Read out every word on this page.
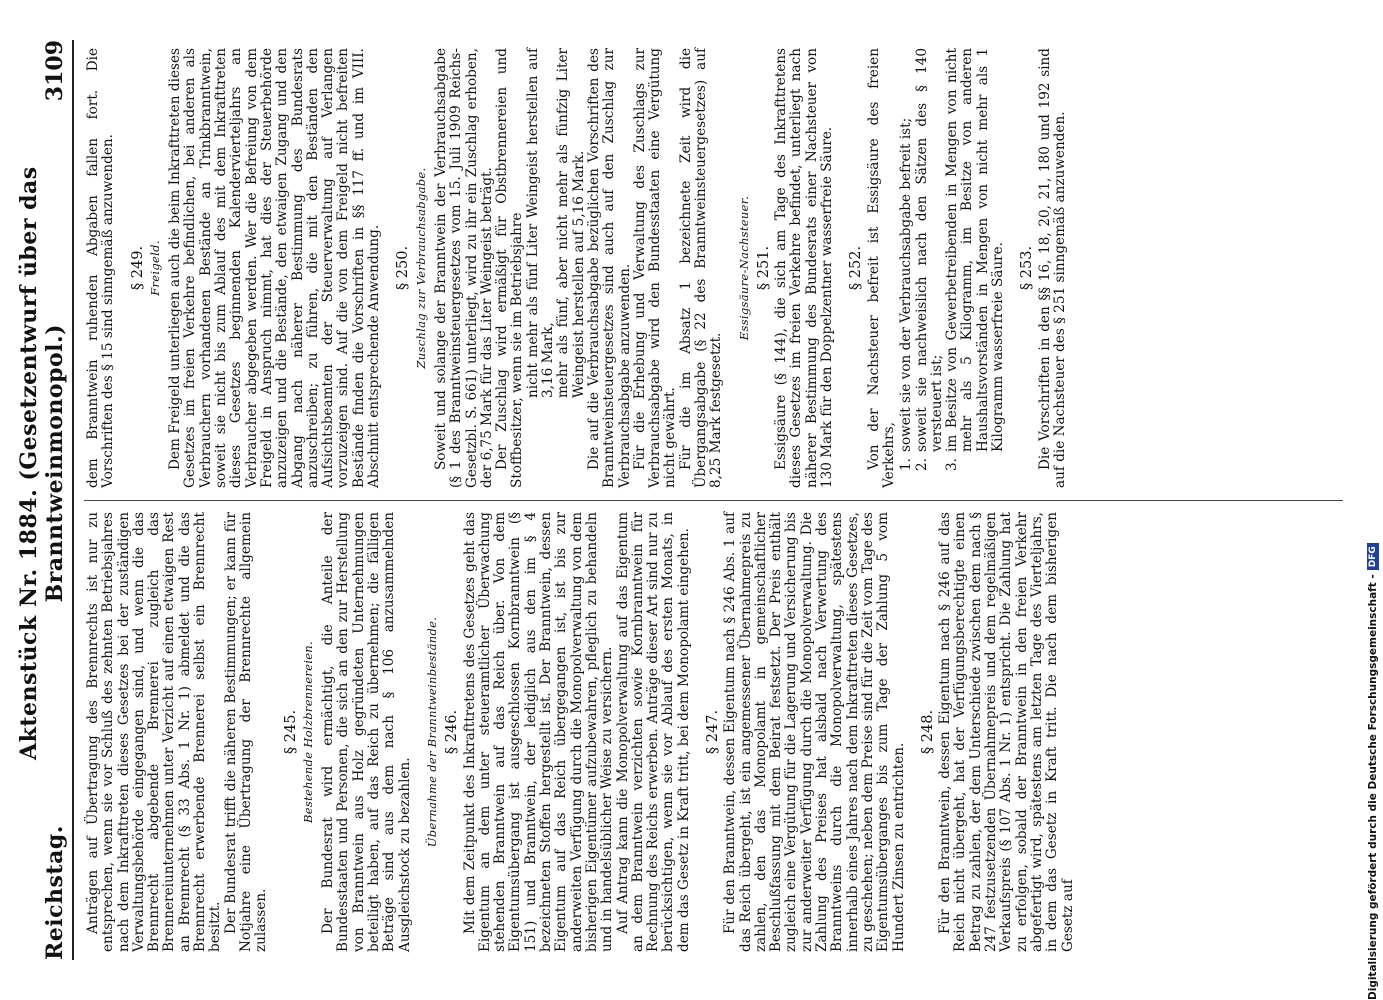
Reichstag.
Aktenstück Nr. 1884. (Gesetzentwurf über das Branntweinmonopol.)
3109

Anträgen auf Übertragung des Brennrechts ist nur zu entsprechen, wenn sie vor Schluß des zehnten Betriebsjahres nach dem Inkrafttreten dieses Gesetzes bei der zuständigen Verwaltungsbehörde eingegangen sind, und wenn die das Brennrecht abgebende Brennerei zugleich das Brennereiunternehmen unter Verzicht auf einen etwaigen Rest an Brennrecht (§ 33 Abs. 1 Nr. 1) abmeldet und die das Brennrecht erwerbende Brennerei selbst ein Brennrecht besitzt. Der Bundesrat trifft die näheren Bestimmungen; er kann für Notjahre eine Übertragung der Brennrechte allgemein zulassen.

§ 245. Bestehende Holzbrennereien. Der Bundesrat wird ermächtigt, die Anteile der Bundesstaaten und Personen, die sich an den zur Herstellung von Branntwein aus Holz gegründeten Unternehmungen beteiligt haben, auf das Reich zu übernehmen; die fälligen Beträge sind aus dem nach § 106 anzusammelnden Ausgleichstock zu bezahlen.

Übernahme der Branntweinbestände. § 246. Mit dem Zeitpunkt des Inkrafttretens des Gesetzes geht das Eigentum an dem unter steueramtlicher Überwachung stehenden Branntwein auf das Reich über. Von dem Eigentumsübergang ist ausgeschlossen Kornbranntwein (§ 151) und Branntwein, der lediglich aus den im § 4 bezeichneten Stoffen hergestellt ist. Der Branntwein, dessen Eigentum auf das Reich übergegangen ist, ist bis zur anderweiten Verfügung durch die Monopolverwaltung von dem bisherigen Eigentümer aufzubewahren, pfleglich zu behandeln und in handelsüblicher Weise zu versichern. Auf Antrag kann die Monopolverwaltung auf das Eigentum an dem Branntwein verzichten sowie Kornbranntwein für Rechnung des Reichs erwerben. Anträge dieser Art sind nur zu berücksichtigen, wenn sie vor Ablauf des ersten Monats, in dem das Gesetz in Kraft tritt, bei dem Monopolamt eingehen. § 247. Für den Branntwein, dessen Eigentum nach § 246 Abs. 1 auf das Reich übergeht, ist ein angemessener Übernahmepreis zu zahlen, den das Monopolamt in gemeinschaftlicher Beschlußfassung mit dem Beirat festsetzt. Der Preis enthält zugleich eine Vergütung für die Lagerung und Versicherung bis zur anderweiter Verfügung durch die Monopolverwaltung. Die Zahlung des Preises hat alsbald nach Verwertung des Branntweins durch die Monopolverwaltung, spätestens innerhalb eines Jahres nach dem Inkrafttreten dieses Gesetzes, zu geschehen; neben dem Preise sind für die Zeit vom Tage des Eigentumsüberganges bis zum Tage der Zahlung 5 vom Hundert Zinsen zu entrichten.

§ 248. Für den Branntwein, dessen Eigentum nach § 246 auf das Reich nicht übergeht, hat der Verfügungsberechtigte einen Betrag zu zahlen, der dem Unterschiede zwischen dem nach § 247 festzusetzenden Übernahmepreis und dem regelmäßigen Verkaufspreis (§ 107 Abs. 1 Nr. 1) entspricht. Die Zahlung hat zu erfolgen, sobald der Branntwein in den freien Verkehr abgefertigt wird, spätestens am letzten Tage des Vierteljahrs, in dem das Gesetz in Kraft tritt. Die nach dem bisherigen Gesetz auf

dem Branntwein ruhenden Abgaben fallen fort. Die Vorschriften des § 15 sind sinngemäß anzuwenden. § 249. Freigeld. Dem Freigeld unterliegen auch die beim Inkrafttreten dieses Gesetzes im freien Verkehre befindlichen, bei anderen als Verbrauchern vorhandenen Bestände an Trinkbranntwein, soweit sie nicht bis zum Ablauf des mit dem Inkrafttreten dieses Gesetzes beginnenden Kalendervierteljahrs an Verbraucher abgegeben werden. Wer die Befreiung von dem Freigeld in Anspruch nimmt, hat dies der Steuerbehörde anzuzeigen und die Bestände, den etwaigen Zugang und den Abgang nach näherer Bestimmung des Bundesrats anzuschreiben; zu führen, die mit den Beständen den Aufsichtsbeamten der Steuerverwaltung auf Verlangen vorzuzeigen sind. Auf die von dem Freigeld nicht befreiten Bestände finden die Vorschriften in §§ 117 ff. und im VIII. Abschnitt entsprechende Anwendung. § 250. Zuschlag zur Verbrauchsabgabe. Soweit und solange der Branntwein der Verbrauchsabgabe (§ 1 des Branntweinsteuergesetzes vom 15. Juli 1909 Reichs-Gesetzbl. S. 661) unterliegt, wird zu ihr ein Zuschlag erhoben, der 6,75 Mark für das Liter Weingeist beträgt. Der Zuschlag wird ermäßigt für Obstbrennereien und Stoffbesitzer, wenn sie im Betriebsjahre nicht mehr als fünf Liter Weingeist herstellen auf 3,16 Mark, mehr als fünf, aber nicht mehr als fünfzig Liter Weingeist herstellen auf 5,16 Mark. Die auf die Verbrauchsabgabe bezüglichen Vorschriften des Branntweinsteuergesetzes sind auch auf den Zuschlag zur Verbrauchsabgabe anzuwenden. Für die Erhebung und Verwaltung des Zuschlags zur Verbrauchsabgabe wird den Bundesstaaten eine Vergütung nicht gewährt. Für die im Absatz 1 bezeichnete Zeit wird die Übergangsabgabe (§ 22 des Branntweinsteuergesetzes) auf 8,25 Mark festgesetzt.

Essigsäure-Nachsteuer. § 251. Essigsäure (§ 144), die sich am Tage des Inkrafttretens dieses Gesetzes im freien Verkehre befindet, unterliegt nach näherer Bestimmung des Bundesrats einer Nachsteuer von 130 Mark für den Doppelzentner wasserfreie Säure. § 252. Von der Nachsteuer befreit ist Essigsäure des freien Verkehrs, 1.
soweit sie von der Verbrauchsabgabe befreit ist;
2.
soweit sie nachweislich nach den Sätzen des § 140 versteuert ist;
3.
im Besitze von Gewerbetreibenden in Mengen von nicht mehr als 5 Kilogramm, im Besitze von anderen Haushaltsvorständen in Mengen von nicht mehr als 1 Kilogramm wasserfreie Säure. § 253. Die Vorschriften in den §§ 16, 18, 20, 21, 180 und 192 sind auf die Nachsteuer des § 251 sinngemäß anzuwenden.

Digitalisierung gefördert durch die Deutsche Forschungsgemeinschaft -
DFG
